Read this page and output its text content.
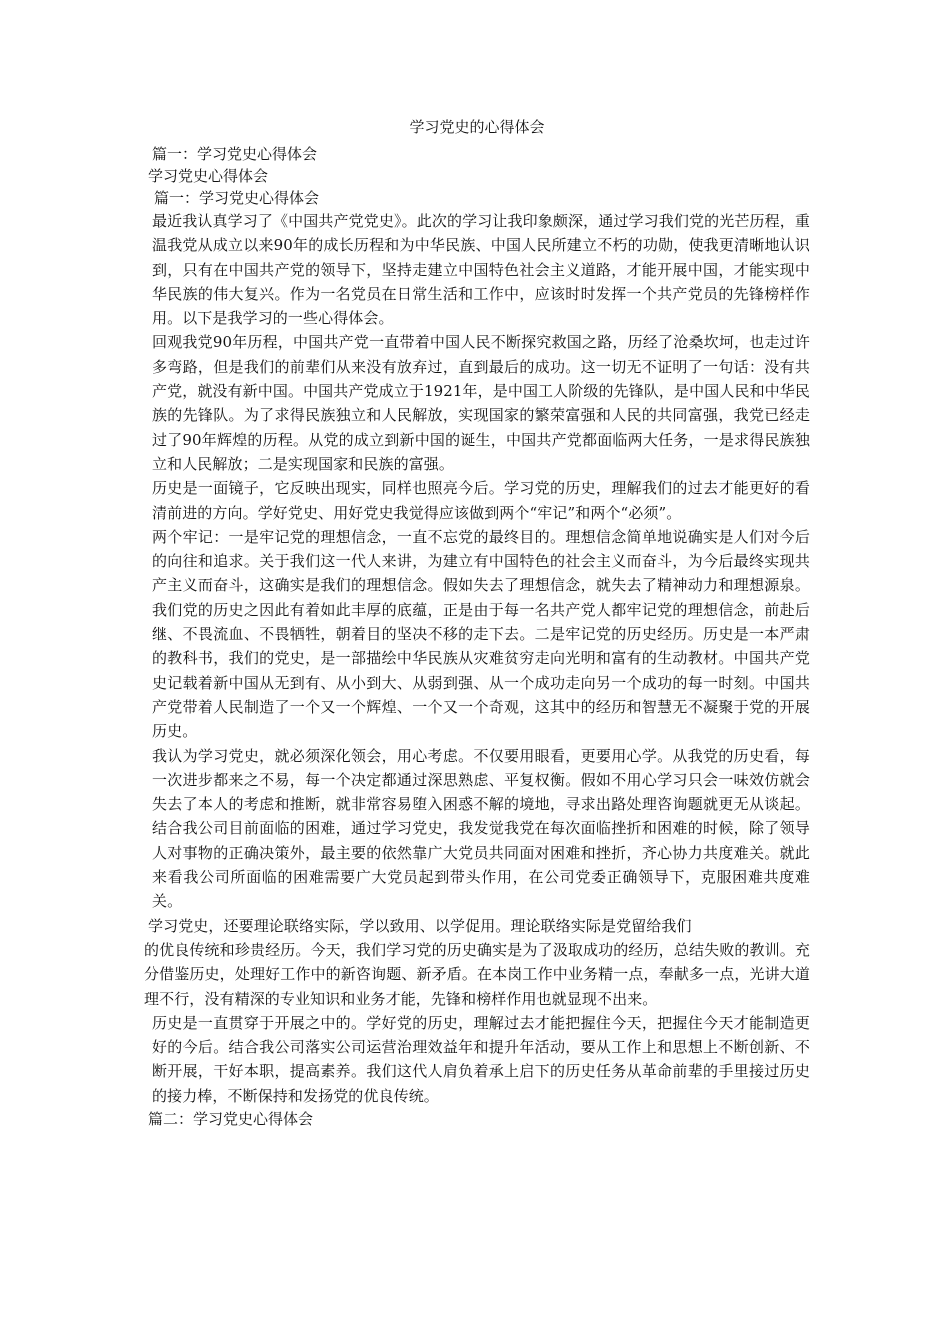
学习党史的心得体会

篇一：学习党史心得体会

学习党史心得体会

篇一：学习党史心得体会

最近我认真学习了《中国共产党党史》。此次的学习让我印象颇深，通过学习我们党的光芒历程，重温我党从成立以来90年的成长历程和为中华民族、中国人民所建立不朽的功勋，使我更清晰地认识到，只有在中国共产党的领导下，坚持走建立中国特色社会主义道路，才能开展中国，才能实现中华民族的伟大复兴。作为一名党员在日常生活和工作中，应该时时发挥一个共产党员的先锋榜样作用。以下是我学习的一些心得体会。

回观我党90年历程，中国共产党一直带着中国人民不断探究救国之路，历经了沧桑坎坷，也走过许多弯路，但是我们的前辈们从来没有放弃过，直到最后的成功。这一切无不证明了一句话：没有共产党，就没有新中国。中国共产党成立于1921年，是中国工人阶级的先锋队，是中国人民和中华民族的先锋队。为了求得民族独立和人民解放，实现国家的繁荣富强和人民的共同富强，我党已经走过了90年辉煌的历程。从党的成立到新中国的诞生，中国共产党都面临两大任务，一是求得民族独立和人民解放；二是实现国家和民族的富强。

历史是一面镜子，它反映出现实，同样也照亮今后。学习党的历史，理解我们的过去才能更好的看清前进的方向。学好党史、用好党史我觉得应该做到两个“牢记”和两个“必须”。

两个牢记：一是牢记党的理想信念，一直不忘党的最终目的。理想信念简单地说确实是人们对今后的向往和追求。关于我们这一代人来讲，为建立有中国特色的社会主义而奋斗，为今后最终实现共产主义而奋斗，这确实是我们的理想信念。假如失去了理想信念，就失去了精神动力和理想源泉。我们党的历史之因此有着如此丰厚的底蕴，正是由于每一名共产党人都牢记党的理想信念，前赴后继、不畏流血、不畏牺牲，朝着目的坚决不移的走下去。二是牢记党的历史经历。历史是一本严肃的教科书，我们的党史，是一部描绘中华民族从灾难贫穷走向光明和富有的生动教材。中国共产党史记载着新中国从无到有、从小到大、从弱到强、从一个成功走向另一个成功的每一时刻。中国共产党带着人民制造了一个又一个辉煌、一个又一个奇观，这其中的经历和智慧无不凝聚于党的开展历史。

我认为学习党史，就必须深化领会，用心考虑。不仅要用眼看，更要用心学。从我党的历史看，每一次进步都来之不易，每一个决定都通过深思熟虑、平复权衡。假如不用心学习只会一味效仿就会失去了本人的考虑和推断，就非常容易堕入困惑不解的境地，寻求出路处理咨询题就更无从谈起。结合我公司目前面临的困难，通过学习党史，我发觉我党在每次面临挫折和困难的时候，除了领导人对事物的正确决策外，最主要的依然靠广大党员共同面对困难和挫折，齐心协力共度难关。就此来看我公司所面临的困难需要广大党员起到带头作用，在公司党委正确领导下，克服困难共度难关。

学习党史，还要理论联络实际，学以致用、以学促用。理论联络实际是党留给我们

的优良传统和珍贵经历。今天，我们学习党的历史确实是为了汲取成功的经历，总结失败的教训。充分借鉴历史，处理好工作中的新咨询题、新矛盾。在本岗工作中业务精一点，奉献多一点，光讲大道理不行，没有精深的专业知识和业务才能，先锋和榜样作用也就显现不出来。

历史是一直贯穿于开展之中的。学好党的历史，理解过去才能把握住今天，把握住今天才能制造更好的今后。结合我公司落实公司运营治理效益年和提升年活动，要从工作上和思想上不断创新、不断开展，干好本职，提高素养。我们这代人肩负着承上启下的历史任务从革命前辈的手里接过历史的接力棒，不断保持和发扬党的优良传统。

篇二：学习党史心得体会
